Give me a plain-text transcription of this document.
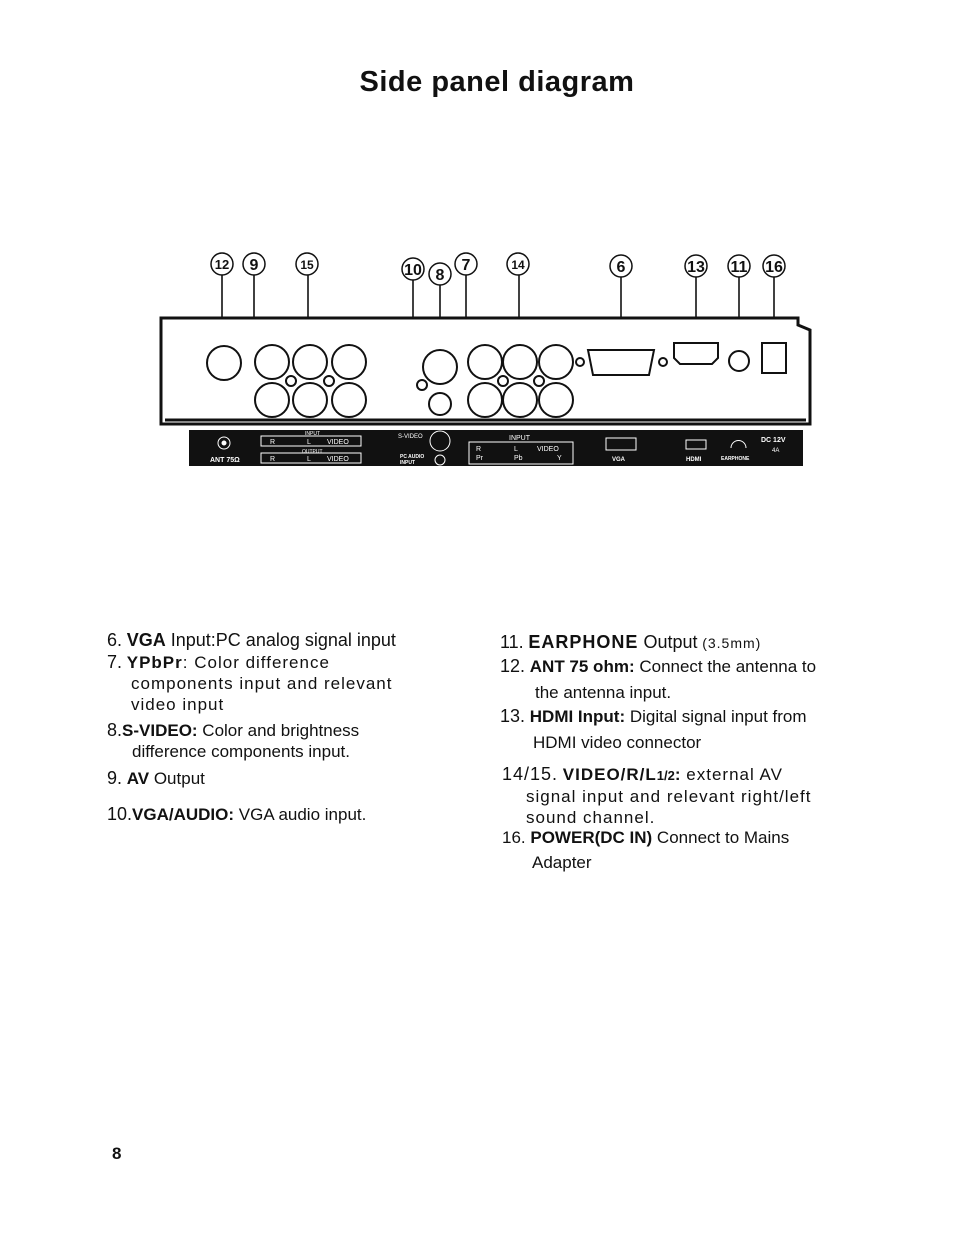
Side panel diagram
12 9	15	10 8
7	14	6	13 11 16
ANT 75Ω
INPUT
OUTPUT
R	L VIDEO
R	L VIDEO
S-VIDEO
PC AUDIO
INPUT
INPUT
R	L	VIDEO
Pr	Pb	Y	VGA	HDMI	EARPHONE
DC 12V
4A
6. VGA Input:PC analog signal input
7. YPbPr: Color difference
components input and relevant
video input
8.S-VIDEO: Color and brightness
difference components input.
9. AV Output
10.VGA/AUDIO: VGA audio input.
11. EARPHONE Output (3.5mm)
12. ANT 75 ohm: Connect the antenna to
the antenna input.
13. HDMI Input: Digital signal input from
HDMI video connector
14/15. VIDEO/R/L1/2: external AV
signal input and relevant right/left
sound channel.
16. POWER(DC IN) Connect to Mains
Adapter
8
